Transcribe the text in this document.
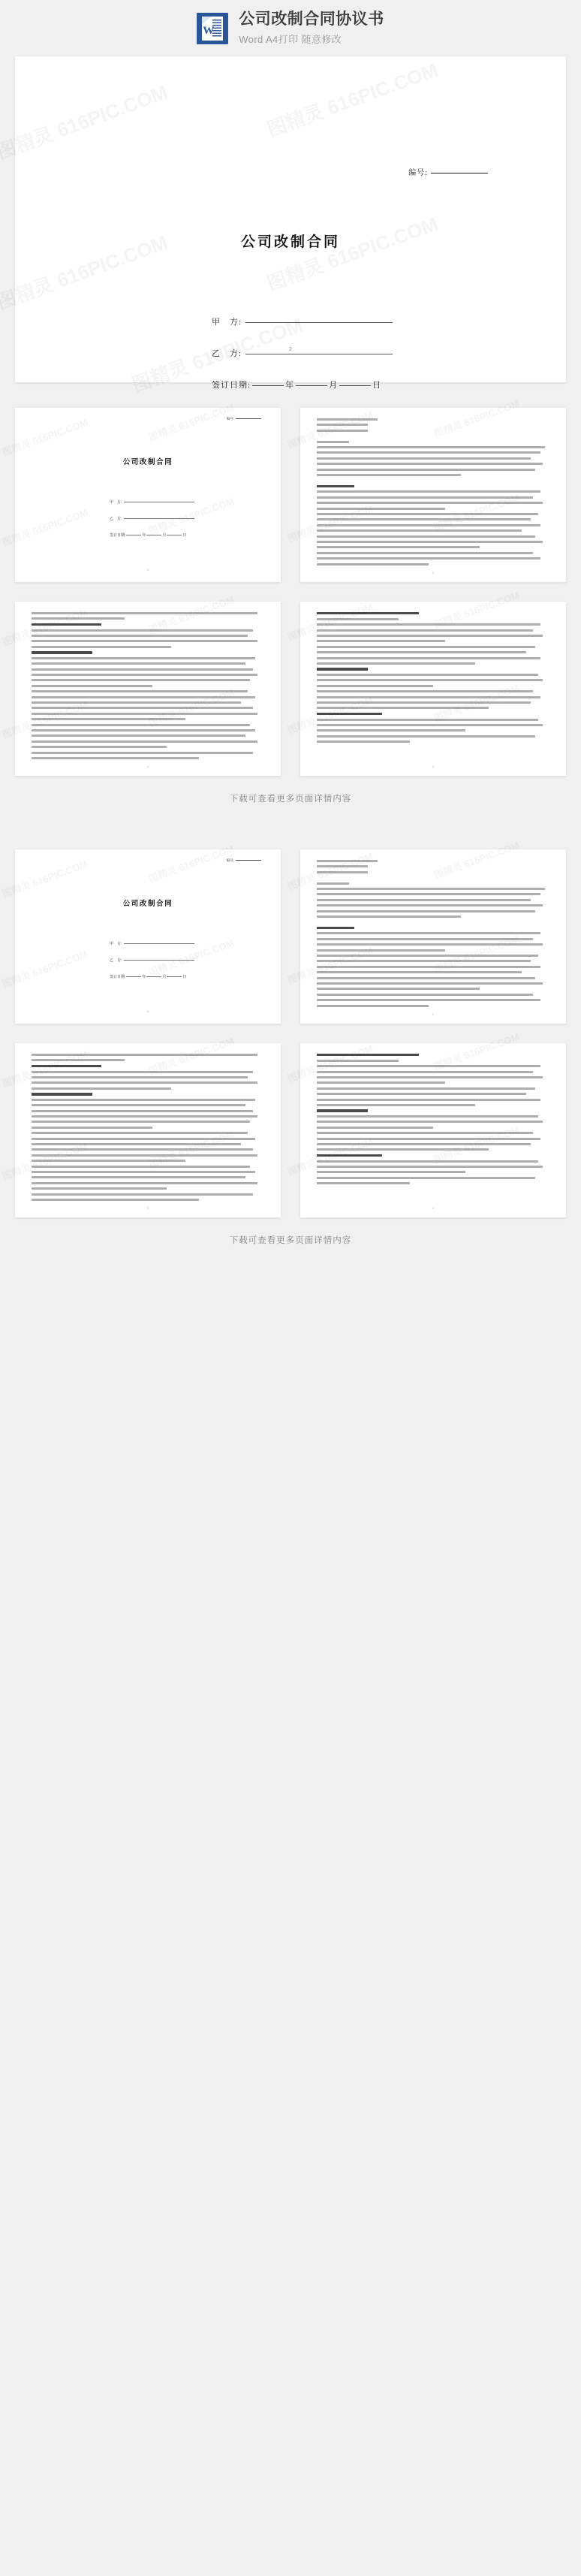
W
公司改制合同协议书
Word A4打印 随意修改
编号:
公司改制合同
甲　方:
乙　方:
签订日期:	年	月	日
2
编号:
公司改制合同
甲　方:
乙　方:
签订日期:	年	月	日
1
2
3	4
下载可查看更多页面详情内容
编号:
公司改制合同
甲　方:
乙　方:
签订日期:	年	月	日
1
2
3	4
下载可查看更多页面详情内容
